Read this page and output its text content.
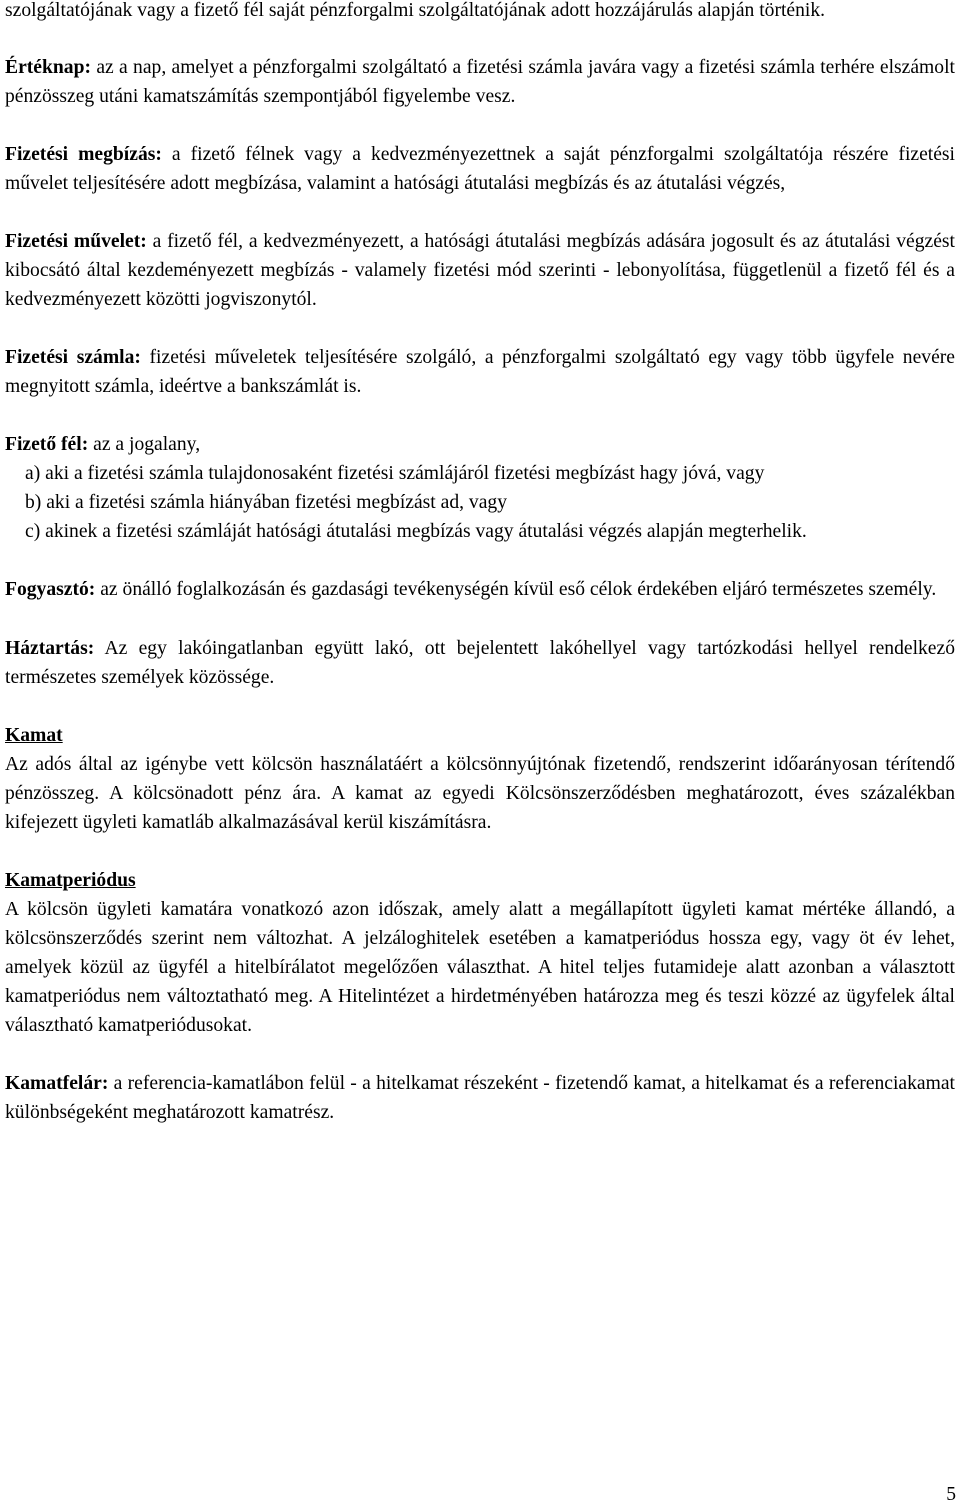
szolgáltatójának vagy a fizető fél saját pénzforgalmi szolgáltatójának adott hozzájárulás alapján történik.

Értéknap: az a nap, amelyet a pénzforgalmi szolgáltató a fizetési számla javára vagy a fizetési számla terhére elszámolt pénzösszeg utáni kamatszámítás szempontjából figyelembe vesz.

Fizetési megbízás: a fizető félnek vagy a kedvezményezettnek a saját pénzforgalmi szolgáltatója részére fizetési művelet teljesítésére adott megbízása, valamint a hatósági átutalási megbízás és az átutalási végzés,

Fizetési művelet: a fizető fél, a kedvezményezett, a hatósági átutalási megbízás adására jogosult és az átutalási végzést kibocsátó által kezdeményezett megbízás - valamely fizetési mód szerinti - lebonyolítása, függetlenül a fizető fél és a kedvezményezett közötti jogviszonytól.

Fizetési számla: fizetési műveletek teljesítésére szolgáló, a pénzforgalmi szolgáltató egy vagy több ügyfele nevére megnyitott számla, ideértve a bankszámlát is.

Fizető fél: az a jogalany,

a) aki a fizetési számla tulajdonosaként fizetési számlájáról fizetési megbízást hagy jóvá, vagy

b) aki a fizetési számla hiányában fizetési megbízást ad, vagy

c) akinek a fizetési számláját hatósági átutalási megbízás vagy átutalási végzés alapján megterhelik.

Fogyasztó: az önálló foglalkozásán és gazdasági tevékenységén kívül eső célok érdekében eljáró természetes személy.

Háztartás: Az egy lakóingatlanban együtt lakó, ott bejelentett lakóhellyel vagy tartózkodási hellyel rendelkező természetes személyek közössége.

Kamat

Az adós által az igénybe vett kölcsön használatáért a kölcsönnyújtónak fizetendő, rendszerint időarányosan térítendő pénzösszeg. A kölcsönadott pénz ára. A kamat az egyedi Kölcsönszerződésben meghatározott, éves százalékban kifejezett ügyleti kamatláb alkalmazásával kerül kiszámításra.

Kamatperiódus

A kölcsön ügyleti kamatára vonatkozó azon időszak, amely alatt a megállapított ügyleti kamat mértéke állandó, a kölcsönszerződés szerint nem változhat. A jelzáloghitelek esetében a kamatperiódus hossza egy, vagy öt év lehet, amelyek közül az ügyfél a hitelbírálatot megelőzően választhat. A hitel teljes futamideje alatt azonban a választott kamatperiódus nem változtatható meg. A Hitelintézet a hirdetményében határozza meg és teszi közzé az ügyfelek által választható kamatperiódusokat.

Kamatfelár: a referencia-kamatlábon felül - a hitelkamat részeként - fizetendő kamat, a hitelkamat és a referenciakamat különbségeként meghatározott kamatrész.

5
